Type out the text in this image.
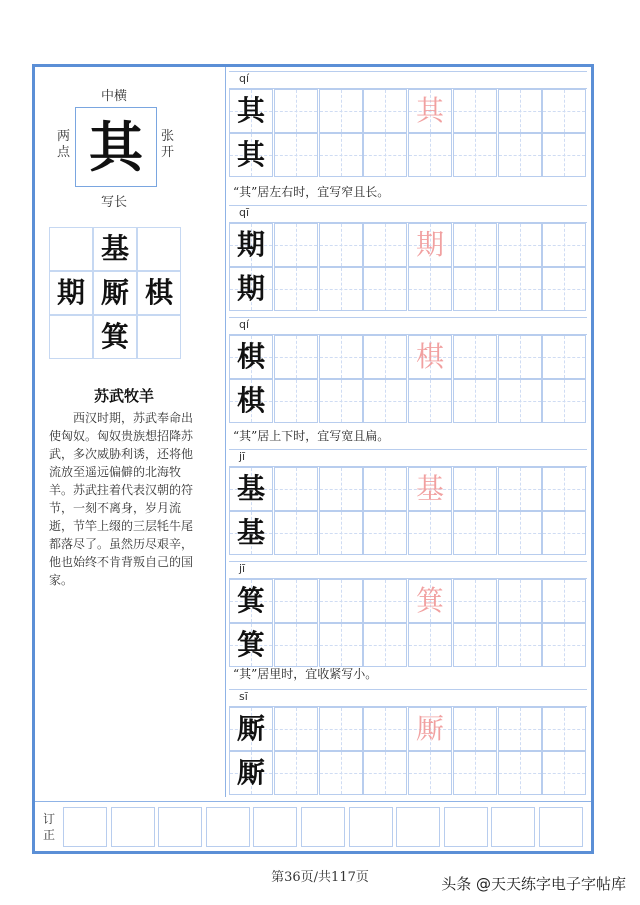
中横
两点
张开
其
写长
基
期 厮 棋
箕
苏武牧羊
西汉时期，苏武奉命出使匈奴。匈奴贵族想招降苏武，多次威胁利诱，还将他流放至遥远偏僻的北海牧羊。苏武拄着代表汉朝的符节，一刻不离身，岁月流逝，节竿上缀的三层牦牛尾都落尽了。虽然历尽艰辛，他也始终不肯背叛自己的国家。
qí
其	其
其
qī
期	期
期
qí
棋	棋
棋
jī
基	基
基
jī
箕	箕
箕
sī
厮	厮
厮
“其”居左右时，宜写窄且长。
“其”居上下时，宜写宽且扁。
“其”居里时，宜收紧写小。
订正
第36页/共117页	头条 @天天练字电子字帖库
